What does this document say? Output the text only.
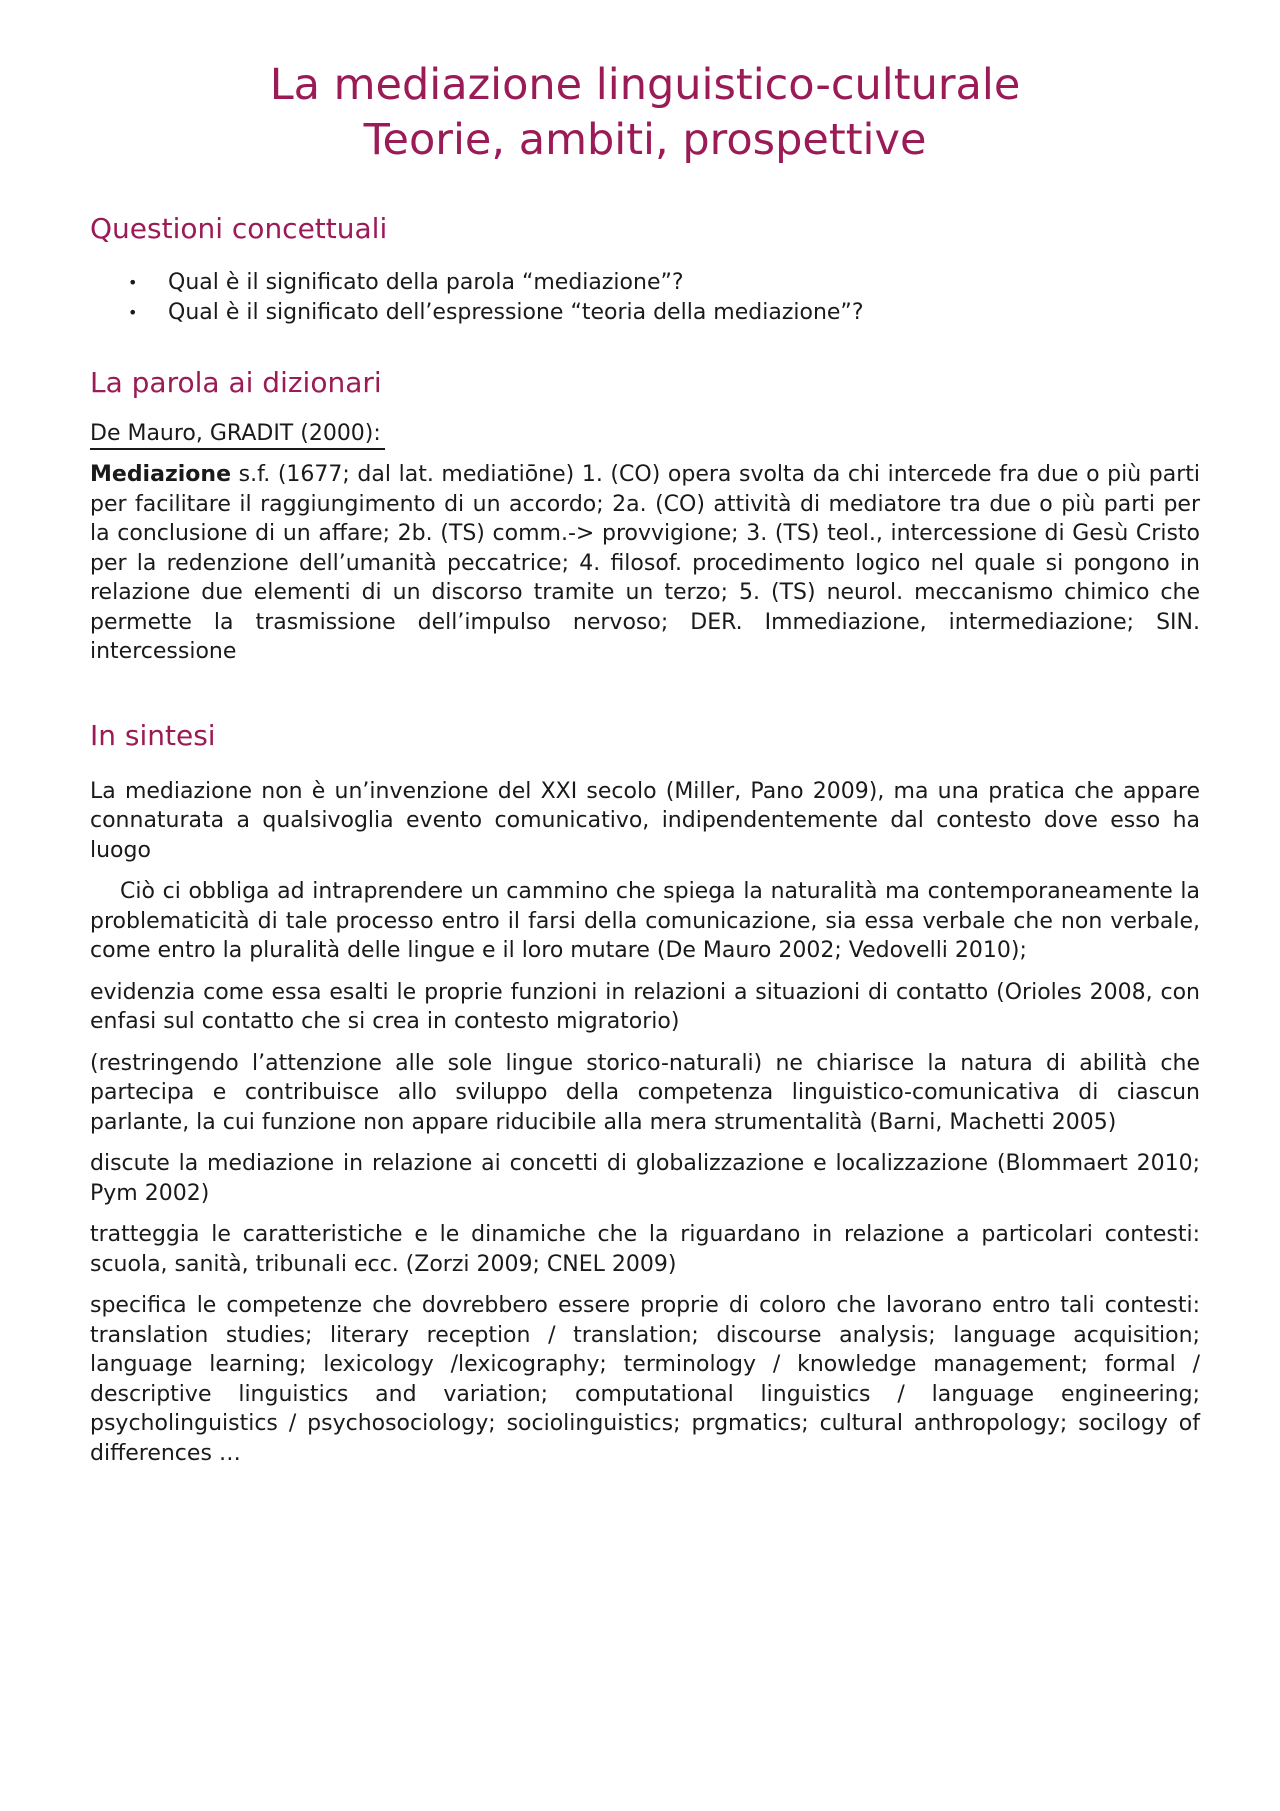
La mediazione linguistico-culturale
Teorie, ambiti, prospettive
Questioni concettuali
• Qual è il significato della parola “mediazione”?
• Qual è il significato dell’espressione “teoria della mediazione”?
La parola ai dizionari
De Mauro, GRADIT (2000):

Mediazione s.f. (1677; dal lat. mediatiōne) 1. (CO) opera svolta da chi intercede fra due o più parti per facilitare il raggiungimento di un accordo; 2a. (CO) attività di mediatore tra due o più parti per la conclusione di un affare; 2b. (TS) comm.-> provvigione; 3. (TS) teol., intercessione di Gesù Cristo per la redenzione dell’umanità peccatrice; 4. filosof. procedimento logico nel quale si pongono in relazione due elementi di un discorso tramite un terzo; 5. (TS) neurol. meccanismo chimico che permette la trasmissione dell’impulso nervoso; DER. Immediazione, intermediazione; SIN. intercessione

In sintesi

La mediazione non è un’invenzione del XXI secolo (Miller, Pano 2009), ma una pratica che appare connaturata a qualsivoglia evento comunicativo, indipendentemente dal contesto dove esso ha luogo

Ciò ci obbliga ad intraprendere un cammino che spiega la naturalità ma contemporaneamente la problematicità di tale processo entro il farsi della comunicazione, sia essa verbale che non verbale, come entro la pluralità delle lingue e il loro mutare (De Mauro 2002; Vedovelli 2010);

evidenzia come essa esalti le proprie funzioni in relazioni a situazioni di contatto (Orioles 2008, con enfasi sul contatto che si crea in contesto migratorio)

(restringendo l’attenzione alle sole lingue storico-naturali) ne chiarisce la natura di abilità che partecipa e contribuisce allo sviluppo della competenza linguistico-comunicativa di ciascun parlante, la cui funzione non appare riducibile alla mera strumentalità (Barni, Machetti 2005)

discute la mediazione in relazione ai concetti di globalizzazione e localizzazione (Blommaert 2010; Pym 2002)

tratteggia le caratteristiche e le dinamiche che la riguardano in relazione a particolari contesti: scuola, sanità, tribunali ecc. (Zorzi 2009; CNEL 2009)

specifica le competenze che dovrebbero essere proprie di coloro che lavorano entro tali contesti: translation studies; literary reception / translation; discourse analysis; language acquisition; language learning; lexicology /lexicography; terminology / knowledge management; formal / descriptive linguistics and variation; computational linguistics / language engineering; psycholinguistics / psychosociology; sociolinguistics; prgmatics; cultural anthropology; socilogy of differences …
